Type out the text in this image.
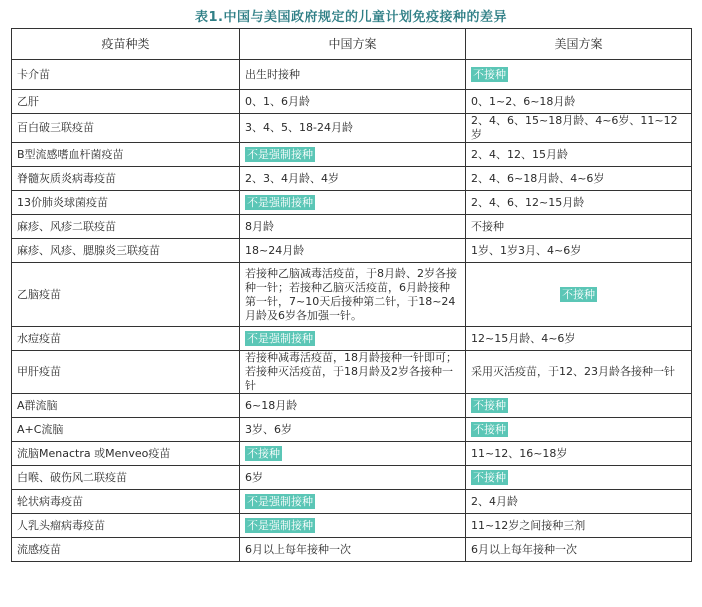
表1.中国与美国政府规定的儿童计划免疫接种的差异
疫苗种类	中国方案	美国方案
卡介苗	出生时接种	不接种
乙肝	0、1、6月龄	0、1~2、6~18月龄
百白破三联疫苗	3、4、5、18-24月龄	2、4、6、15~18月龄、4~6岁、11~12岁
B型流感嗜血杆菌疫苗	不是强制接种	2、4、12、15月龄
脊髓灰质炎病毒疫苗	2、3、4月龄、4岁	2、4、6~18月龄、4~6岁
13价肺炎球菌疫苗	不是强制接种	2、4、6、12~15月龄
麻疹、风疹二联疫苗	8月龄	不接种
麻疹、风疹、腮腺炎三联疫苗	18~24月龄	1岁、1岁3月、4~6岁
乙脑疫苗	若接种乙脑减毒活疫苗，于8月龄、2岁各接种一针；若接种乙脑灭活疫苗，6月龄接种第一针，7~10天后接种第二针，于18~24月龄及6岁各加强一针。	不接种
水痘疫苗	不是强制接种	12~15月龄、4~6岁
甲肝疫苗	若接种减毒活疫苗，18月龄接种一针即可；若接种灭活疫苗，于18月龄及2岁各接种一针	采用灭活疫苗，于12、23月龄各接种一针
A群流脑	6~18月龄	不接种
A+C流脑	3岁、6岁	不接种
流脑Menactra 或Menveo疫苗	不接种	11~12、16~18岁
白喉、破伤风二联疫苗	6岁	不接种
轮状病毒疫苗	不是强制接种	2、4月龄
人乳头瘤病毒疫苗	不是强制接种	11~12岁之间接种三剂
流感疫苗	6月以上每年接种一次	6月以上每年接种一次
